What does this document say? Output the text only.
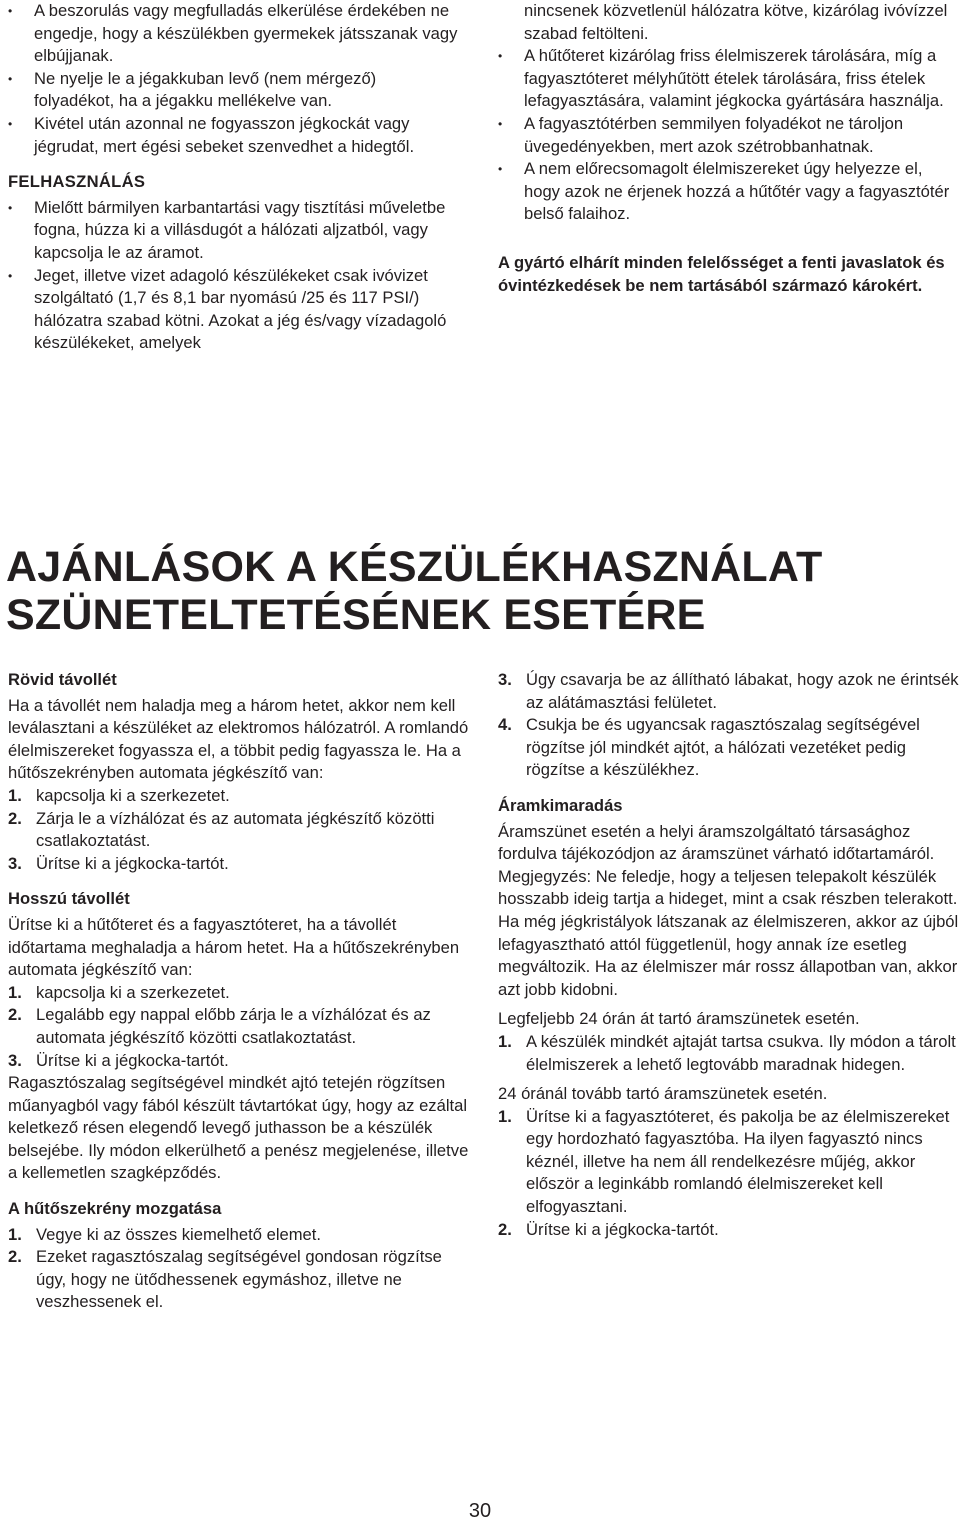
• A beszorulás vagy megfulladás elkerülése érdekében ne engedje, hogy a készülékben gyermekek játsszanak vagy elbújjanak.
• Ne nyelje le a jégakkuban levő (nem mérgező) folyadékot, ha a jégakku mellékelve van.
• Kivétel után azonnal ne fogyasszon jégkockát vagy jégrudat, mert égési sebeket szenvedhet a hidegtől.
FELHASZNÁLÁS
• Mielőtt bármilyen karbantartási vagy tisztítási műveletbe fogna, húzza ki a villásdugót a hálózati aljzatból, vagy kapcsolja le az áramot.
• Jeget, illetve vizet adagoló készülékeket csak ivóvizet szolgáltató (1,7 és 8,1 bar nyomású /25 és 117 PSI/) hálózatra szabad kötni. Azokat a jég és/vagy vízadagoló készülékeket, amelyek
nincsenek közvetlenül hálózatra kötve, kizárólag ivóvízzel szabad feltölteni.
• A hűtőteret kizárólag friss élelmiszerek tárolására, míg a fagyasztóteret mélyhűtött ételek tárolására, friss ételek lefagyasztására, valamint jégkocka gyártására használja.
• A fagyasztótérben semmilyen folyadékot ne tároljon üvegedényekben, mert azok szétrobbanhatnak.
• A nem előrecsomagolt élelmiszereket úgy helyezze el, hogy azok ne érjenek hozzá a hűtőtér vagy a fagyasztótér belső falaihoz.
A gyártó elhárít minden felelősséget a fenti javaslatok és óvintézkedések be nem tartásából származó károkért.
AJÁNLÁSOK A KÉSZÜLÉKHASZNÁLAT
SZÜNETELTETÉSÉNEK ESETÉRE
Rövid távollét

Ha a távollét nem haladja meg a három hetet, akkor nem kell leválasztani a készüléket az elektromos hálózatról. A romlandó élelmiszereket fogyassza el, a többit pedig fagyassza le. Ha a hűtőszekrényben automata jégkészítő van:

1. kapcsolja ki a szerkezetet.
2. Zárja le a vízhálózat és az automata jégkészítő közötti csatlakoztatást.
3. Ürítse ki a jégkocka-tartót.
Hosszú távollét

Ürítse ki a hűtőteret és a fagyasztóteret, ha a távollét időtartama meghaladja a három hetet. Ha a hűtőszekrényben automata jégkészítő van:

1. kapcsolja ki a szerkezetet.
2. Legalább egy nappal előbb zárja le a vízhálózat és az automata jégkészítő közötti csatlakoztatást.
3. Ürítse ki a jégkocka-tartót.

Ragasztószalag segítségével mindkét ajtó tetején rögzítsen műanyagból vagy fából készült távtartókat úgy, hogy az ezáltal keletkező résen elegendő levegő juthasson be a készülék belsejébe. Ily módon elkerülhető a penész megjelenése, illetve a kellemetlen szagképződés.

A hűtőszekrény mozgatása
1. Vegye ki az összes kiemelhető elemet.
2. Ezeket ragasztószalag segítségével gondosan rögzítse úgy, hogy ne ütődhessenek egymáshoz, illetve ne veszhessenek el.
3. Úgy csavarja be az állítható lábakat, hogy azok ne érintsék az alátámasztási felületet.
4. Csukja be és ugyancsak ragasztószalag segítségével rögzítse jól mindkét ajtót, a hálózati vezetéket pedig rögzítse a készülékhez.
Áramkimaradás

Áramszünet esetén a helyi áramszolgáltató társasághoz fordulva tájékozódjon az áramszünet várható időtartamáról. Megjegyzés: Ne feledje, hogy a teljesen telepakolt készülék hosszabb ideig tartja a hideget, mint a csak részben telerakott. Ha még jégkristályok látszanak az élelmiszeren, akkor az újból lefagyasztható attól függetlenül, hogy annak íze esetleg megváltozik. Ha az élelmiszer már rossz állapotban van, akkor azt jobb kidobni.

Legfeljebb 24 órán át tartó áramszünetek esetén.

1. A készülék mindkét ajtaját tartsa csukva. Ily módon a tárolt élelmiszerek a lehető legtovább maradnak hidegen.

24 óránál tovább tartó áramszünetek esetén.

1. Ürítse ki a fagyasztóteret, és pakolja be az élelmiszereket egy hordozható fagyasztóba. Ha ilyen fagyasztó nincs kéznél, illetve ha nem áll rendelkezésre műjég, akkor először a leginkább romlandó élelmiszereket kell elfogyasztani.
2. Ürítse ki a jégkocka-tartót.
30
